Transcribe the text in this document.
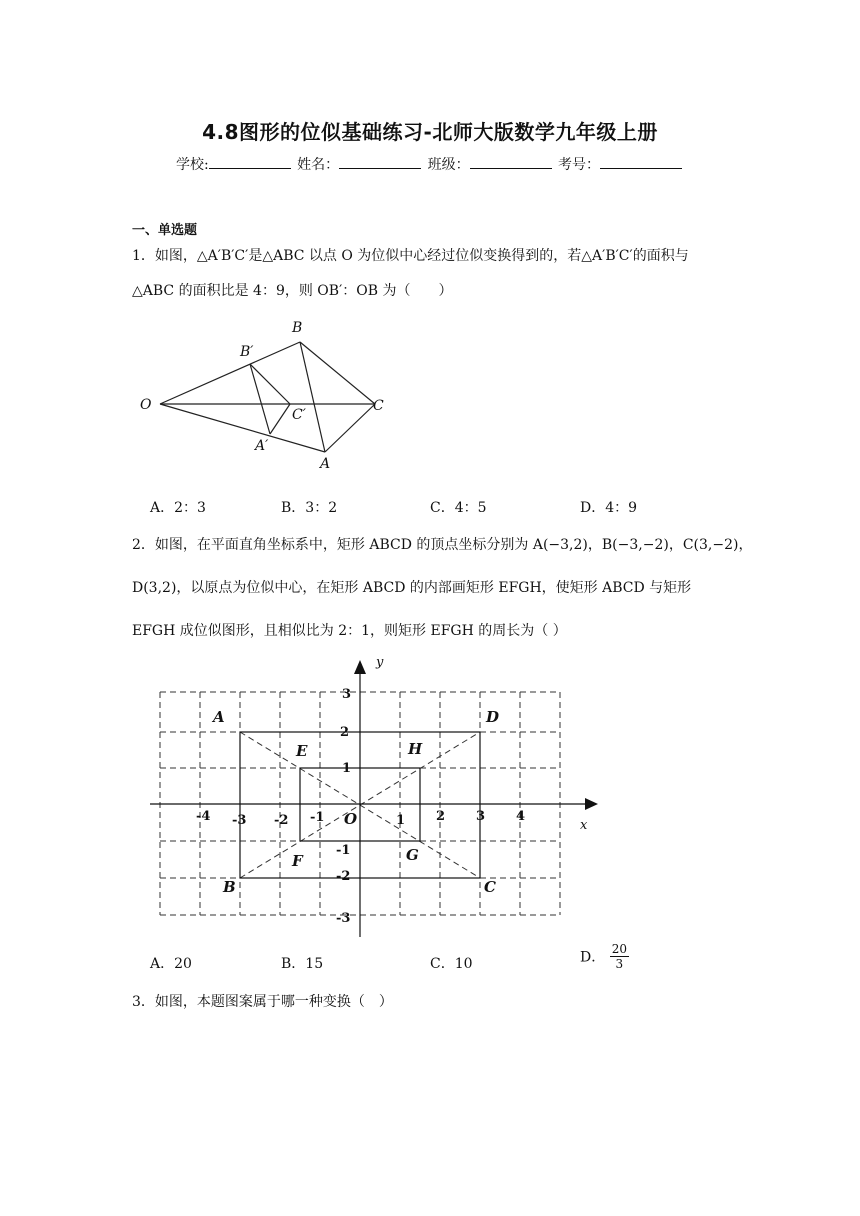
4.8图形的位似基础练习-北师大版数学九年级上册
学校:	姓名：	班级：	考号：
一、单选题
1．如图，△A′B′C′是△ABC 以点 O 为位似中心经过位似变换得到的，若△A′B′C′的面积与
△ABC 的面积比是 4：9，则 OB′：OB 为（　　）
O
B
B′
C
C′
A′
A
A．2：3	B．3：2	C．4：5	D．4：9
2．如图，在平面直角坐标系中，矩形 ABCD 的顶点坐标分别为 A(−3,2)，B(−3,−2)，C(3,−2)，
D(3,2)，以原点为位似中心，在矩形 ABCD 的内部画矩形 EFGH，使矩形 ABCD 与矩形
EFGH 成位似图形，且相似比为 2：1，则矩形 EFGH 的周长为（ ）
A
B	C
D
E
F	G
H
O	x
y
-4 -3 -2 -1	1 2 3 4
3
2
1
-1
-2
-3
A．20	B．15	C．10	D． $\frac{20}{3}$
3．如图，本题图案属于哪一种变换（　）
